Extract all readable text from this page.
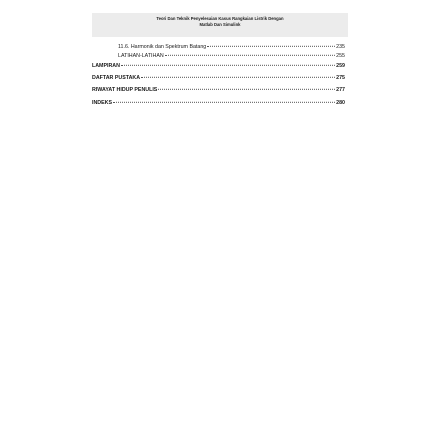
Teori Dan Teknik Penyelesaian Kasus Rangkaian Listrik Dengan
Matlab Dan Simulink
11.6. Harmonik dan Spektrum Batang	235
LATIHAN-LATIHAN	255
LAMPIRAN	259
DAFTAR PUSTAKA	275
RIWAYAT HIDUP PENULIS	277
INDEKS	280
